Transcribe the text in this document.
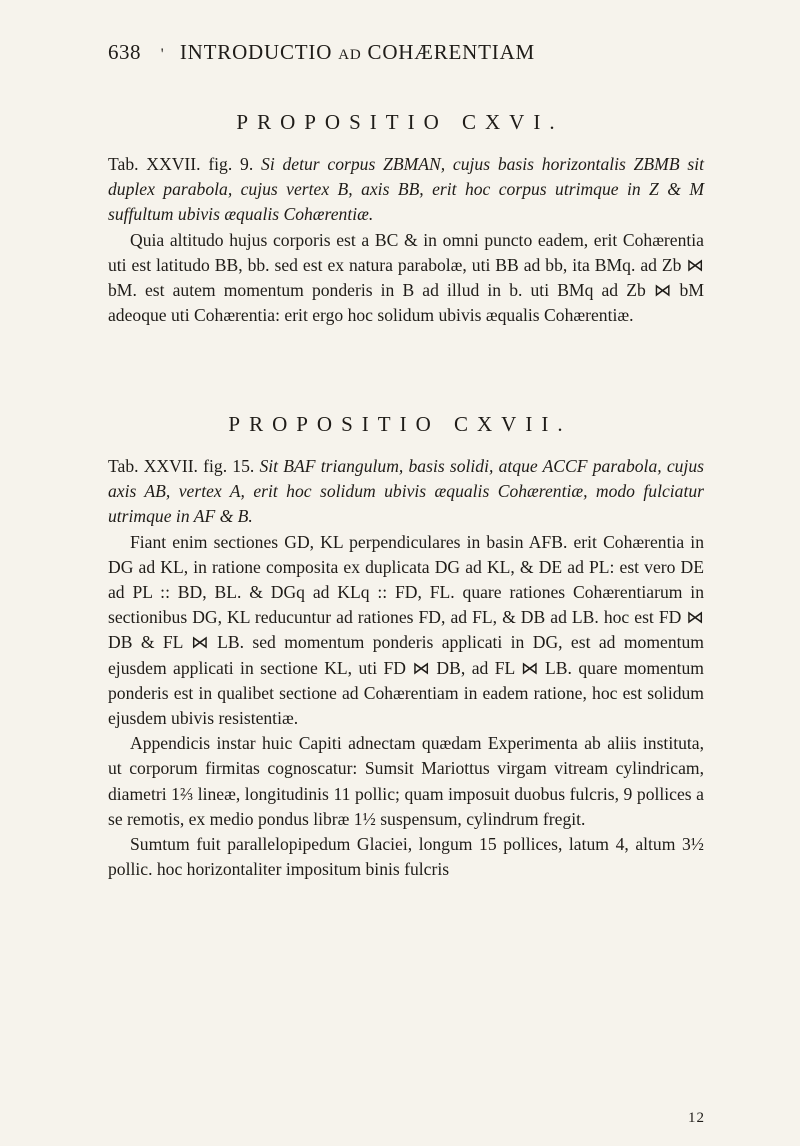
638 ' INTRODUCTIO ad COHÆRENTIAM
PROPOSITIO CXVI.

Tab. XXVII. fig. 9. Si detur corpus ZBMAN, cujus basis horizontalis ZBMB sit duplex parabola, cujus vertex B, axis BB, erit hoc corpus utrimque in Z & M suffultum ubivis æqualis Cohærentiæ.

Quia altitudo hujus corporis est a BC & in omni puncto eadem, erit Cohærentia uti est latitudo BB, bb. sed est ex natura parabolæ, uti BB ad bb, ita BMq. ad Zb ⋈ bM. est autem momentum ponderis in B ad illud in b. uti BMq ad Zb ⋈ bM adeoque uti Cohærentia: erit ergo hoc solidum ubivis æqualis Cohærentiæ.

PROPOSITIO CXVII.

Tab. XXVII. fig. 15. Sit BAF triangulum, basis solidi, atque ACCF parabola, cujus axis AB, vertex A, erit hoc solidum ubivis æqualis Cohærentiæ, modo fulciatur utrimque in AF & B.

Fiant enim sectiones GD, KL perpendiculares in basin AFB. erit Cohærentia in DG ad KL, in ratione composita ex duplicata DG ad KL, & DE ad PL: est vero DE ad PL :: BD, BL. & DGq ad KLq :: FD, FL. quare rationes Cohærentiarum in sectionibus DG, KL reducuntur ad rationes FD, ad FL, & DB ad LB. hoc est FD ⋈ DB & FL ⋈ LB. sed momentum ponderis applicati in DG, est ad momentum ejusdem applicati in sectione KL, uti FD ⋈ DB, ad FL ⋈ LB. quare momentum ponderis est in qualibet sectione ad Cohærentiam in eadem ratione, hoc est solidum ejusdem ubivis resistentiæ.

Appendicis instar huic Capiti adnectam quædam Experimenta ab aliis instituta, ut corporum firmitas cognoscatur: Sumsit Mariottus virgam vitream cylindricam, diametri 1⅔ lineæ, longitudinis 11 pollic; quam imposuit duobus fulcris, 9 pollices a se remotis, ex medio pondus libræ 1½ suspensum, cylindrum fregit.

Sumtum fuit parallelopipedum Glaciei, longum 15 pollices, latum 4, altum 3½ pollic. hoc horizontaliter impositum binis fulcris

12
